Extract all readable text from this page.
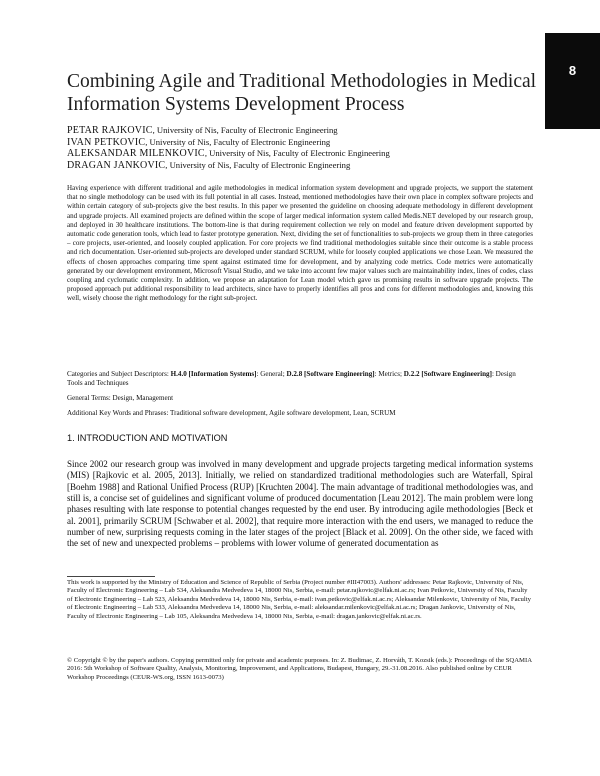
8
Combining Agile and Traditional Methodologies in Medical Information Systems Development Process
PETAR RAJKOVIC, University of Nis, Faculty of Electronic Engineering
IVAN PETKOVIC, University of Nis, Faculty of Electronic Engineering
ALEKSANDAR MILENKOVIC, University of Nis, Faculty of Electronic Engineering
DRAGAN JANKOVIC, University of Nis, Faculty of Electronic Engineering

Having experience with different traditional and agile methodologies in medical information system development and upgrade projects, we support the statement that no single methodology can be used with its full potential in all cases. Instead, mentioned methodologies have their own place in complex software projects and within certain category of sub-projects give the best results. In this paper we presented the guideline on choosing adequate methodology in different development and upgrade projects. All examined projects are defined within the scope of larger medical information system called Medis.NET developed by our research group, and deployed in 30 healthcare institutions. The bottom-line is that during requirement collection we rely on model and feature driven development supported by automatic code generation tools, which lead to faster prototype generation. Next, dividing the set of functionalities to sub-projects we group them in three categories – core projects, user-oriented, and loosely coupled application. For core projects we find traditional methodologies suitable since their outcome is a stable process and rich documentation. User-oriented sub-projects are developed under standard SCRUM, while for loosely coupled applications we chose Lean. We measured the effects of chosen approaches comparing time spent against estimated time for development, and by analyzing code metrics. Code metrics were automatically generated by our development environment, Microsoft Visual Studio, and we take into account few major values such are maintainability index, lines of codes, class coupling and cyclomatic complexity. In addition, we propose an adaptation for Lean model which gave us promising results in software upgrade projects. The proposed approach put additional responsibility to lead architects, since have to properly identifies all pros and cons for different methodologies and, knowing this well, wisely choose the right methodology for the right sub-project.

Categories and Subject Descriptors: H.4.0 [Information Systems]: General; D.2.8 [Software Engineering]: Metrics; D.2.2 [Software Engineering]: Design Tools and Techniques
General Terms: Design, Management
Additional Key Words and Phrases: Traditional software development, Agile software development, Lean, SCRUM
1. INTRODUCTION AND MOTIVATION

Since 2002 our research group was involved in many development and upgrade projects targeting medical information systems (MIS) [Rajkovic et al. 2005, 2013]. Initially, we relied on standardized traditional methodologies such are Waterfall, Spiral [Boehm 1988] and Rational Unified Process (RUP) [Kruchten 2004]. The main advantage of traditional methodologies was, and still is, a concise set of guidelines and significant volume of produced documentation [Leau 2012]. The main problem were long phases resulting with late response to potential changes requested by the end user. By introducing agile methodologies [Beck et al. 2001], primarily SCRUM [Schwaber et al. 2002], that require more interaction with the end users, we managed to reduce the number of new, surprising requests coming in the later stages of the project [Black et al. 2009]. On the other side, we faced with the set of new and unexpected problems – problems with lower volume of generated documentation as

This work is supported by the Ministry of Education and Science of Republic of Serbia (Project number #III47003). Authors' addresses: Petar Rajkovic, University of Nis, Faculty of Electronic Engineering – Lab 534, Aleksandra Medvedeva 14, 18000 Nis, Serbia, e-mail: petar.rajkovic@elfak.ni.ac.rs; Ivan Petkovic, University of Nis, Faculty of Electronic Engineering – Lab 523, Aleksandra Medvedeva 14, 18000 Nis, Serbia, e-mail: ivan.petkovic@elfak.ni.ac.rs; Aleksandar Milenkovic, University of Nis, Faculty of Electronic Engineering – Lab 533, Aleksandra Medvedeva 14, 18000 Nis, Serbia, e-mail: aleksandar.milenkovic@elfak.ni.ac.rs; Dragan Jankovic, University of Nis, Faculty of Electronic Engineering – Lab 105, Aleksandra Medvedeva 14, 18000 Nis, Serbia, e-mail: dragan.jankovic@elfak.ni.ac.rs.

© Copyright © by the paper's authors. Copying permitted only for private and academic purposes. In: Z. Budimac, Z. Horváth, T. Kozsik (eds.): Proceedings of the SQAMIA 2016: 5th Workshop of Software Quality, Analysis, Monitoring, Improvement, and Applications, Budapest, Hungary, 29.-31.08.2016. Also published online by CEUR Workshop Proceedings (CEUR-WS.org, ISSN 1613-0073)
